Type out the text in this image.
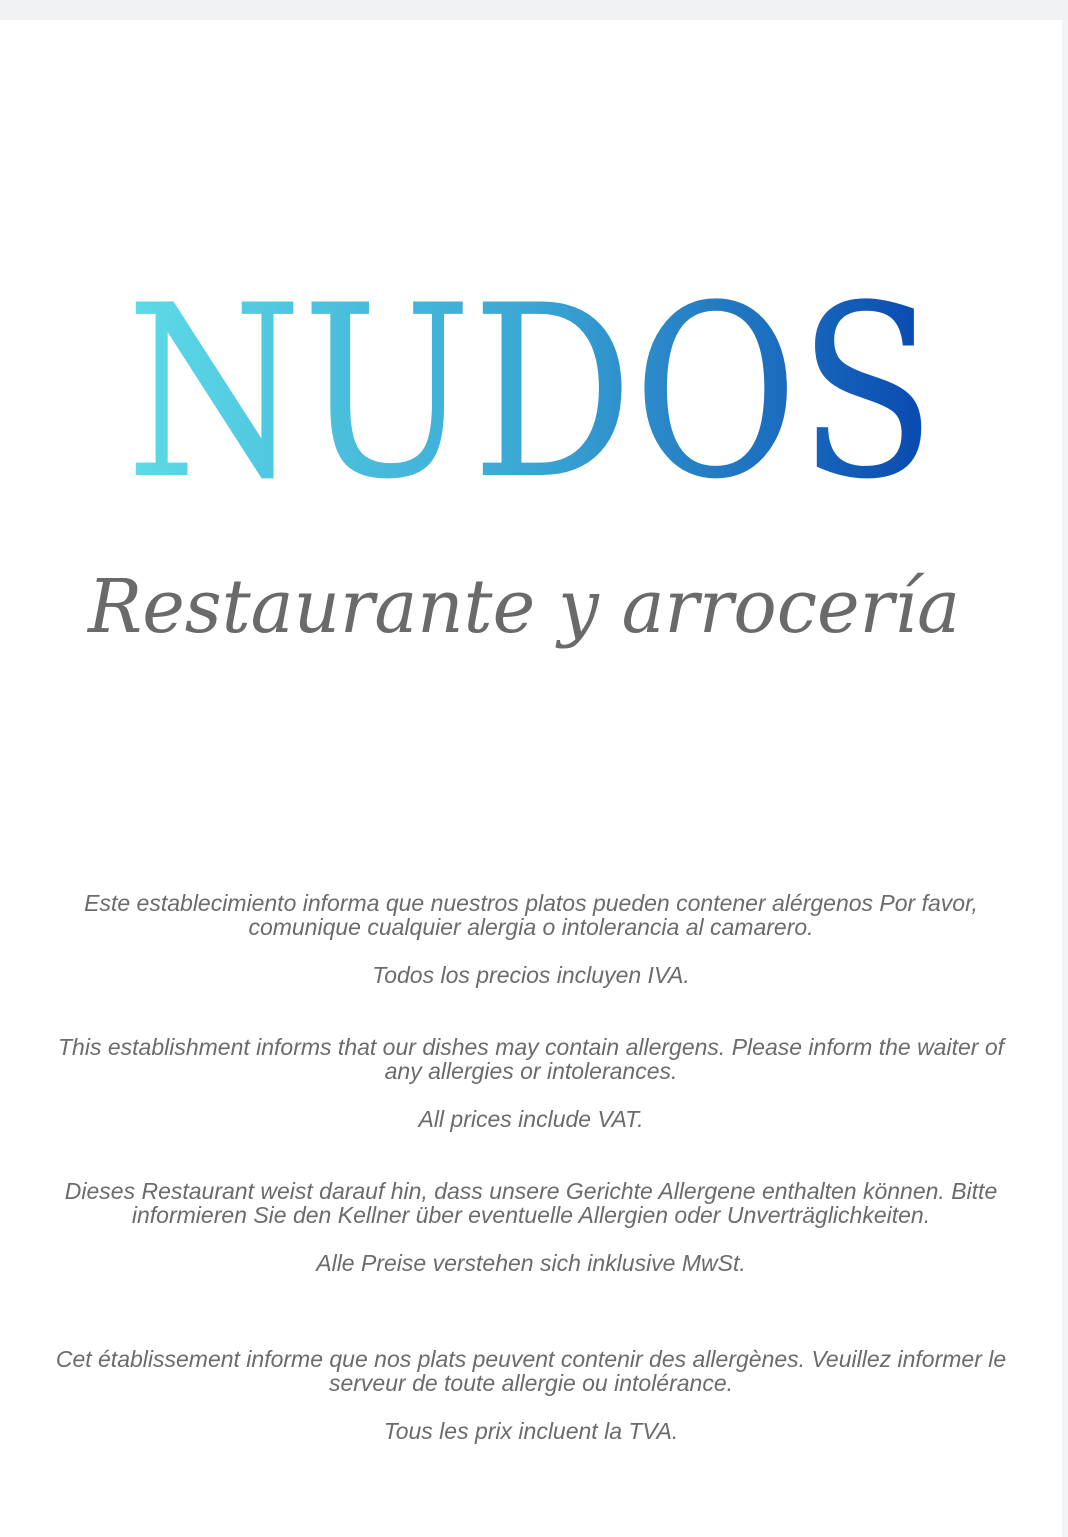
NUDOS
Restaurante y arrocería

Este establecimiento informa que nuestros platos pueden contener alérgenos Por favor, comunique cualquier alergia o intolerancia al camarero.

Todos los precios incluyen IVA.

This establishment informs that our dishes may contain allergens. Please inform the waiter of any allergies or intolerances.

All prices include VAT.

Dieses Restaurant weist darauf hin, dass unsere Gerichte Allergene enthalten können. Bitte informieren Sie den Kellner über eventuelle Allergien oder Unverträglichkeiten.

Alle Preise verstehen sich inklusive MwSt.

Cet établissement informe que nos plats peuvent contenir des allergènes. Veuillez informer le serveur de toute allergie ou intolérance.

Tous les prix incluent la TVA.
